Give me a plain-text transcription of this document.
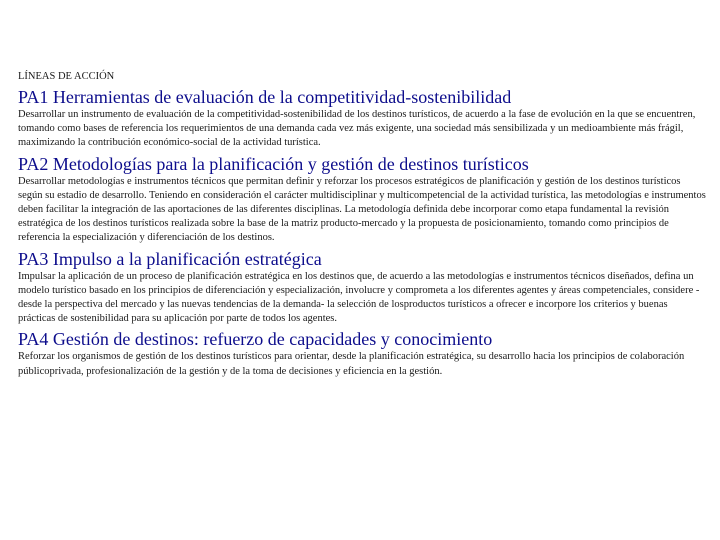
LÍNEAS DE ACCIÓN

PA1 Herramientas de evaluación de la competitividad-sostenibilidad

Desarrollar un instrumento de evaluación de la competitividad-sostenibilidad de los destinos turísticos, de acuerdo a la fase de evolución en la que se encuentren, tomando como bases de referencia los requerimientos de una demanda cada vez más exigente, una sociedad más sensibilizada y un medioambiente más frágil, maximizando la contribución económico-social de la actividad turística.

PA2 Metodologías para la planificación y gestión de destinos turísticos

Desarrollar metodologías e instrumentos técnicos que permitan definir y reforzar los procesos estratégicos de planificación y gestión de los destinos turísticos según su estadio de desarrollo. Teniendo en consideración el carácter multidisciplinar y multicompetencial de la actividad turística, las metodologías e instrumentos deben facilitar la integración de las aportaciones de las diferentes disciplinas. La metodología definida debe incorporar como etapa fundamental la revisión estratégica de los destinos turísticos realizada sobre la base de la matriz producto-mercado y la propuesta de posicionamiento, tomando como principios de referencia la especialización y diferenciación de los destinos.

PA3 Impulso a la planificación estratégica

Impulsar la aplicación de un proceso de planificación estratégica en los destinos que, de acuerdo a las metodologías e instrumentos técnicos diseñados, defina un modelo turístico basado en los principios de diferenciación y especialización, involucre y comprometa a los diferentes agentes y áreas competenciales, considere -desde la perspectiva del mercado y las nuevas tendencias de la demanda- la selección de losproductos turísticos a ofrecer e incorpore los criterios y buenas prácticas de sostenibilidad para su aplicación por parte de todos los agentes.

PA4 Gestión de destinos: refuerzo de capacidades y conocimiento

Reforzar los organismos de gestión de los destinos turísticos para orientar, desde la planificación estratégica, su desarrollo hacia los principios de colaboración públicoprivada, profesionalización de la gestión y de la toma de decisiones y eficiencia en la gestión.
